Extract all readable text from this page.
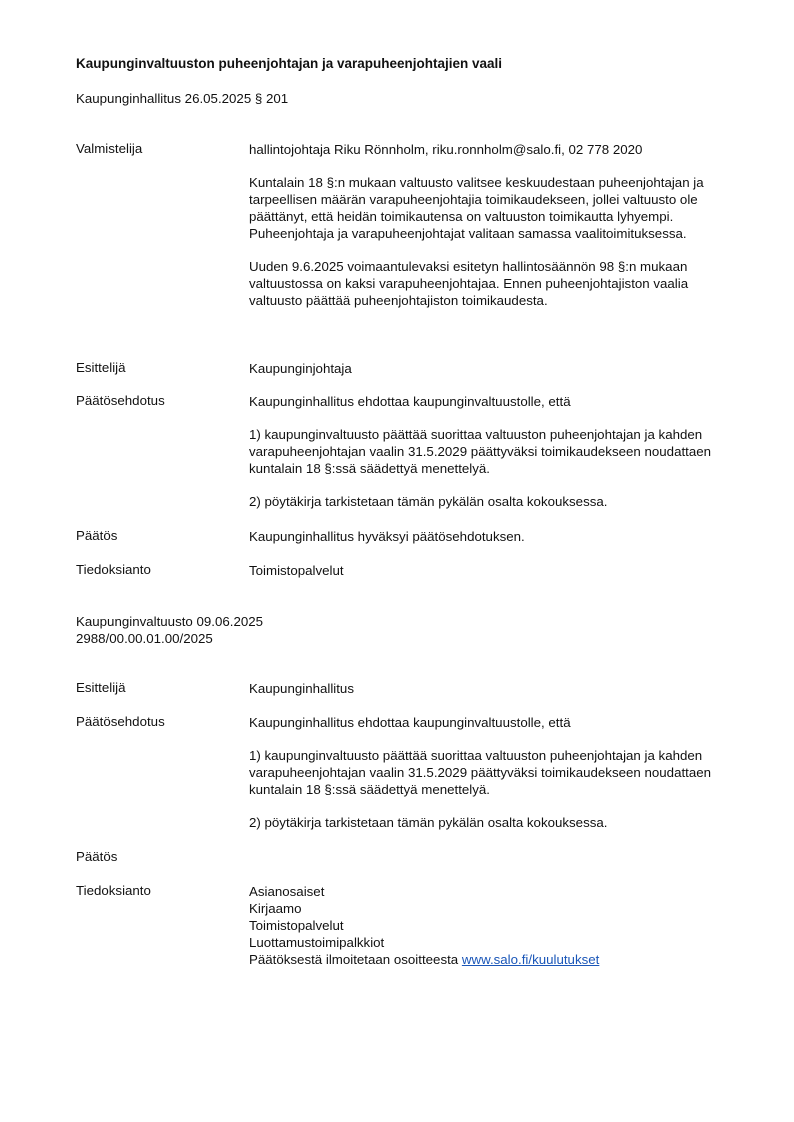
Kaupunginvaltuuston puheenjohtajan ja varapuheenjohtajien vaali
Kaupunginhallitus 26.05.2025 § 201
Valmistelija	hallintojohtaja Riku Rönnholm, riku.ronnholm@salo.fi, 02 778 2020

Kuntalain 18 §:n mukaan valtuusto valitsee keskuudestaan puheenjohtajan ja tarpeellisen määrän varapuheenjohtajia toimikaudekseen, jollei valtuusto ole päättänyt, että heidän toimikautensa on valtuuston toimikautta lyhyempi. Puheenjohtaja ja varapuheenjohtajat valitaan samassa vaalitoimituksessa.

Uuden 9.6.2025 voimaantulevaksi esitetyn hallintosäännön 98 §:n mukaan valtuustossa on kaksi varapuheenjohtajaa. Ennen puheenjohtajiston vaalia valtuusto päättää puheenjohtajiston toimikaudesta.

Esittelijä	Kaupunginjohtaja
Päätösehdotus	Kaupunginhallitus ehdottaa kaupunginvaltuustolle, että

1) kaupunginvaltuusto päättää suorittaa valtuuston puheenjohtajan ja kahden varapuheenjohtajan vaalin 31.5.2029 päättyväksi toimikaudekseen noudattaen kuntalain 18 §:ssä säädettyä menettelyä.

2) pöytäkirja tarkistetaan tämän pykälän osalta kokouksessa.

Päätös	Kaupunginhallitus hyväksyi päätösehdotuksen.
Tiedoksianto	Toimistopalvelut
Kaupunginvaltuusto 09.06.2025
2988/00.00.01.00/2025
Esittelijä	Kaupunginhallitus
Päätösehdotus	Kaupunginhallitus ehdottaa kaupunginvaltuustolle, että

1) kaupunginvaltuusto päättää suorittaa valtuuston puheenjohtajan ja kahden varapuheenjohtajan vaalin 31.5.2029 päättyväksi toimikaudekseen noudattaen kuntalain 18 §:ssä säädettyä menettelyä.

2) pöytäkirja tarkistetaan tämän pykälän osalta kokouksessa.

Päätös
Tiedoksianto	Asianosaiset
Kirjaamo
Toimistopalvelut
Luottamustoimipalkkiot
Päätöksestä ilmoitetaan osoitteesta www.salo.fi/kuulutukset
